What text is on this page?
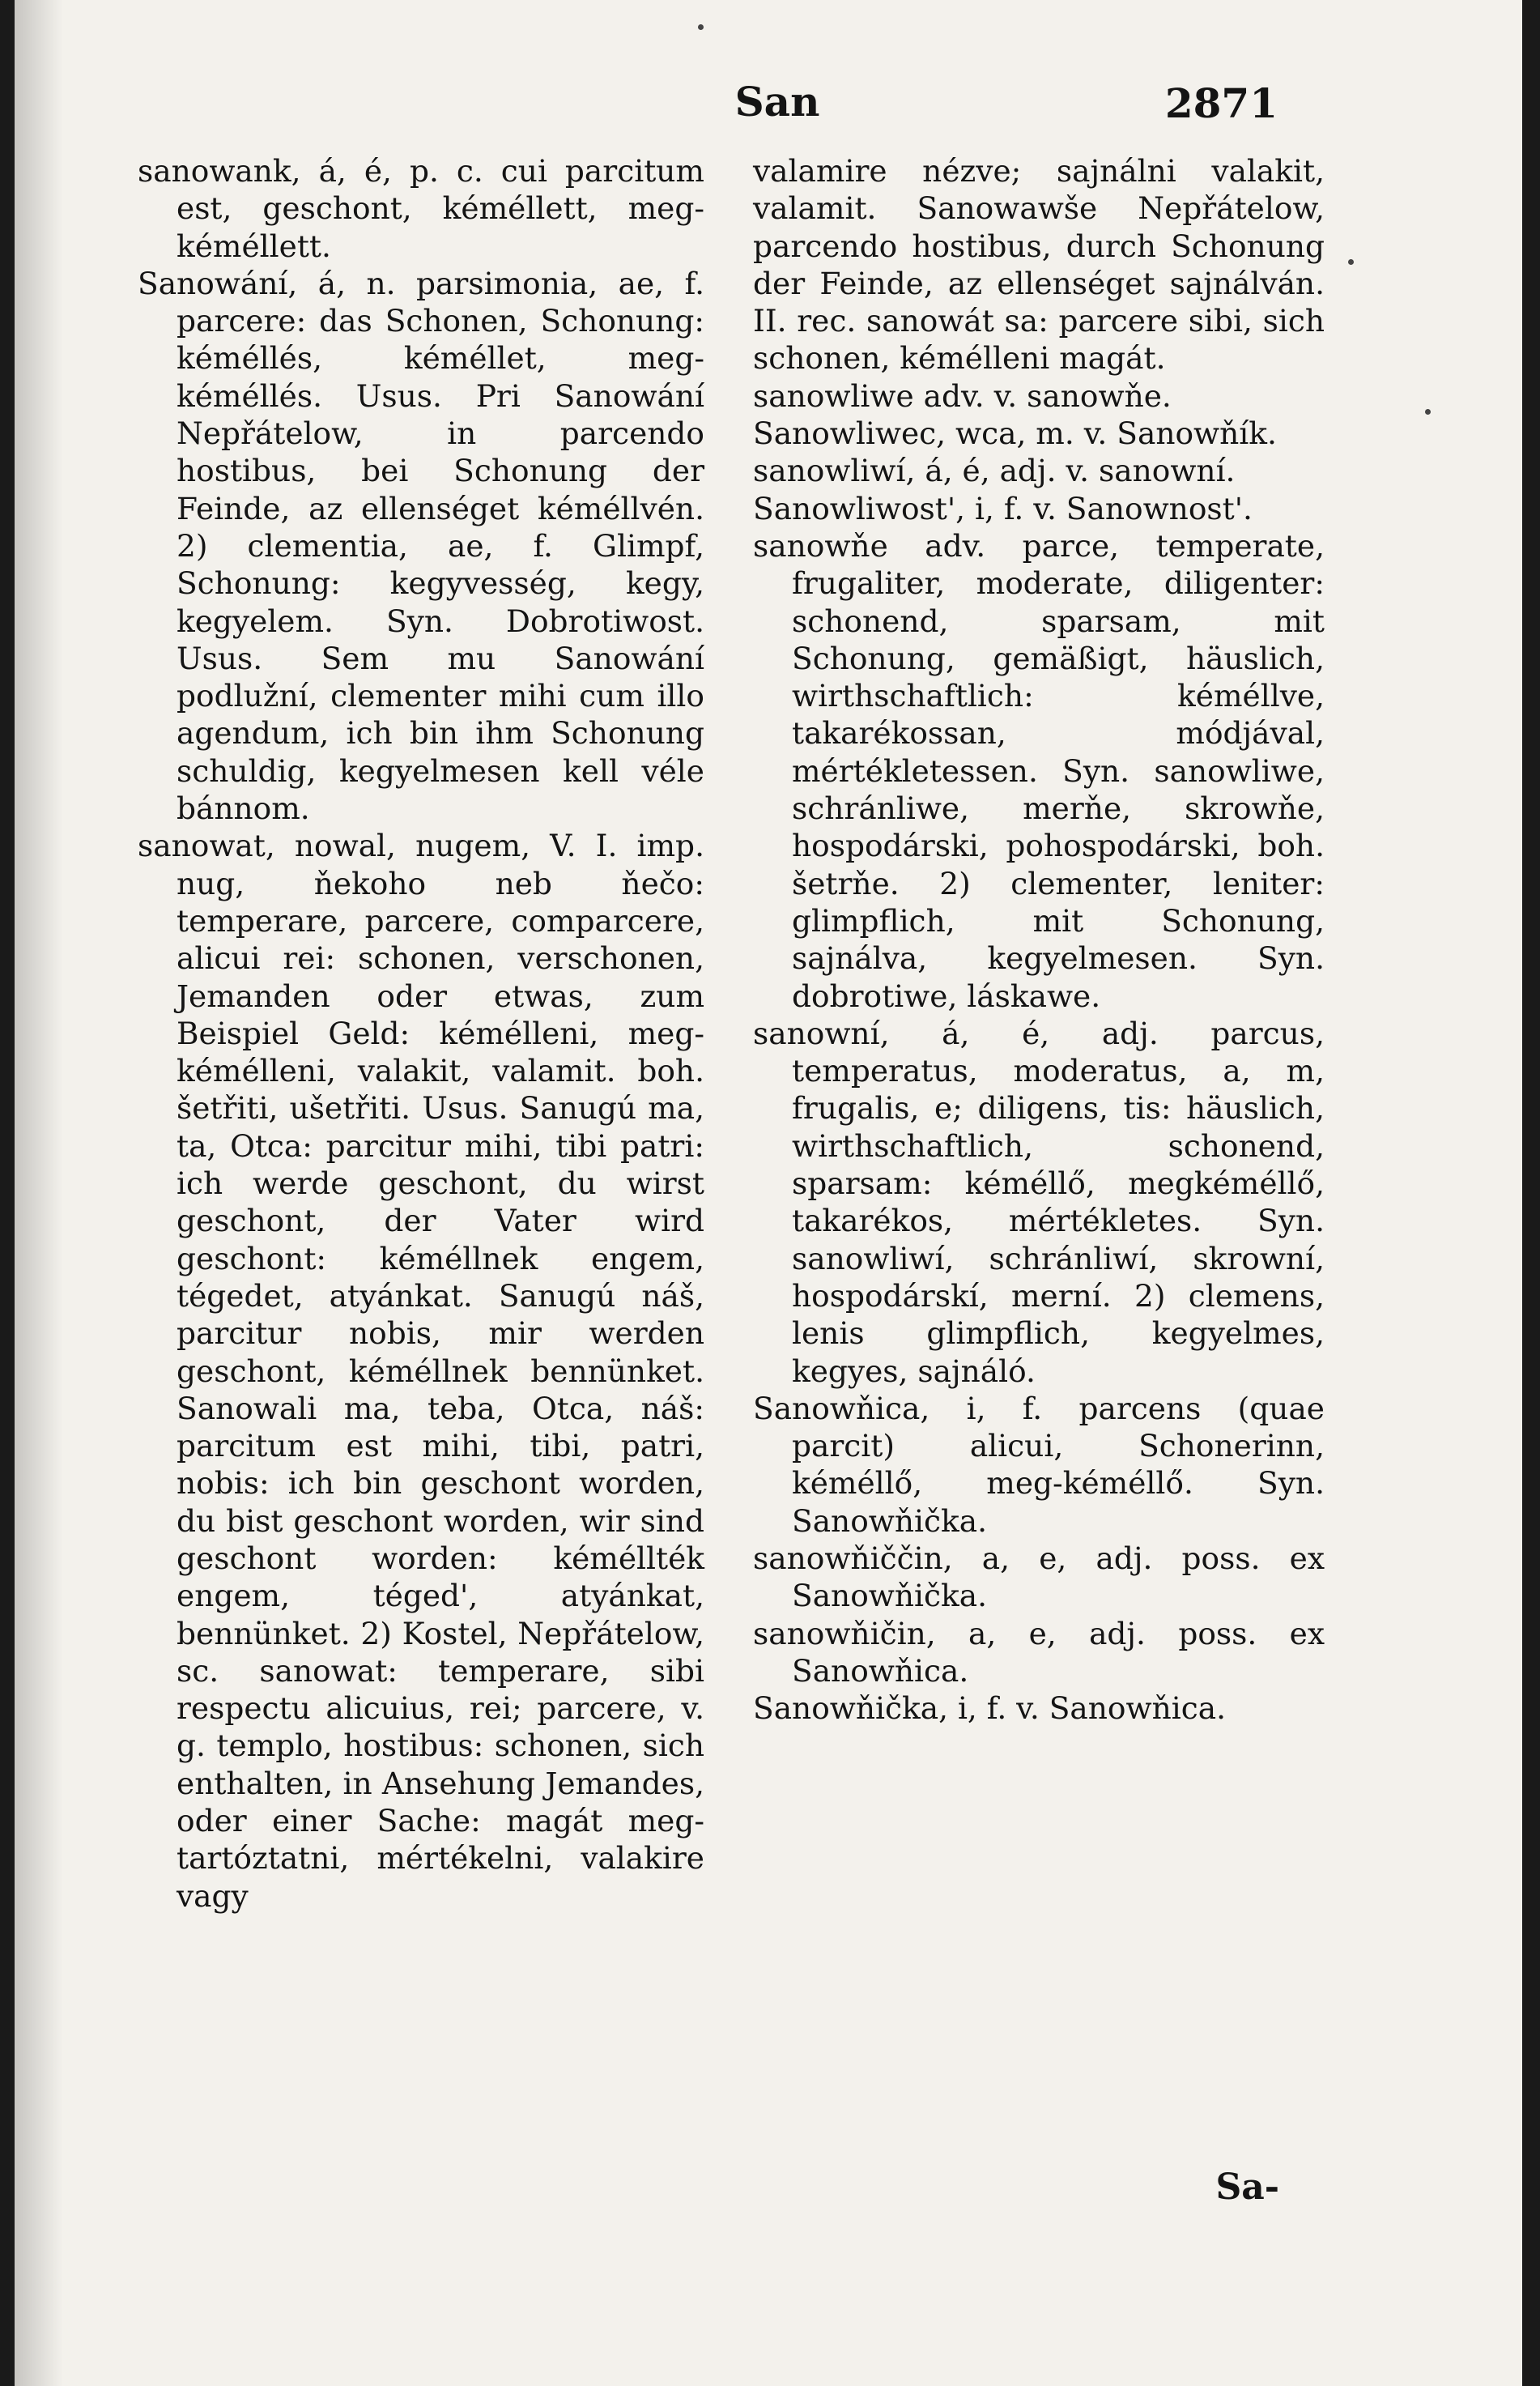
San	2871

sanowank, á, é, p. c. cui parcitum est, geschont, kéméllett, meg-kéméllett.

Sanowání, á, n. parsimonia, ae, f. parcere: das Schonen, Schonung: kéméllés, kéméllet, meg-kéméllés. Usus. Pri Sanowání Nepřátelow, in parcendo hostibus, bei Schonung der Feinde, az ellenséget kéméllvén. 2) clementia, ae, f. Glimpf, Schonung: kegyvesség, kegy, kegyelem. Syn. Dobrotiwost. Usus. Sem mu Sanowání podlužní, clementer mihi cum illo agendum, ich bin ihm Schonung schuldig, kegyelmesen kell véle bánnom.

sanowat, nowal, nugem, V. I. imp. nug, ňekoho neb ňečo: temperare, parcere, comparcere, alicui rei: schonen, verschonen, Jemanden oder etwas, zum Beispiel Geld: kémélleni, meg-kémélleni, valakit, valamit. boh. šetřiti, ušetřiti. Usus. Sanugú ma, ta, Otca: parcitur mihi, tibi patri: ich werde geschont, du wirst geschont, der Vater wird geschont: kéméllnek engem, tégedet, atyánkat. Sanugú náš, parcitur nobis, mir werden geschont, kéméllnek bennünket. Sanowali ma, teba, Otca, náš: parcitum est mihi, tibi, patri, nobis: ich bin geschont worden, du bist geschont worden, wir sind geschont worden: kéméllték engem, téged', atyánkat, bennünket. 2) Kostel, Nepřátelow, sc. sanowat: temperare, sibi respectu alicuius, rei; parcere, v. g. templo, hostibus: schonen, sich enthalten, in Ansehung Jemandes, oder einer Sache: magát meg-tartóztatni, mértékelni, valakire vagy

valamire nézve; sajnálni valakit, valamit. Sanowawše Nepřátelow, parcendo hostibus, durch Schonung der Feinde, az ellenséget sajnálván. II. rec. sanowát sa: parcere sibi, sich schonen, kémélleni magát.

sanowliwe adv. v. sanowňe.

Sanowliwec, wca, m. v. Sanowňík.

sanowliwí, á, é, adj. v. sanowní.

Sanowliwost', i, f. v. Sanownost'.

sanowňe adv. parce, temperate, frugaliter, moderate, diligenter: schonend, sparsam, mit Schonung, gemäßigt, häuslich, wirthschaftlich: kéméllve, takarékossan, módjával, mértékletessen. Syn. sanowliwe, schránliwe, merňe, skrowňe, hospodárski, pohospodárski, boh. šetrňe. 2) clementer, leniter: glimpflich, mit Schonung, sajnálva, kegyelmesen. Syn. dobrotiwe, láskawe.

sanowní, á, é, adj. parcus, temperatus, moderatus, a, m, frugalis, e; diligens, tis: häuslich, wirthschaftlich, schonend, sparsam: kéméllő, megkéméllő, takarékos, mértékletes. Syn. sanowliwí, schránliwí, skrowní, hospodárskí, merní. 2) clemens, lenis glimpflich, kegyelmes, kegyes, sajnáló.

Sanowňica, i, f. parcens (quae parcit) alicui, Schonerinn, kéméllő, meg-kéméllő. Syn. Sanowňička.

sanowňiččin, a, e, adj. poss. ex Sanowňička.

sanowňičin, a, e, adj. poss. ex Sanowňica.

Sanowňička, i, f. v. Sanowňica.

Sa-
